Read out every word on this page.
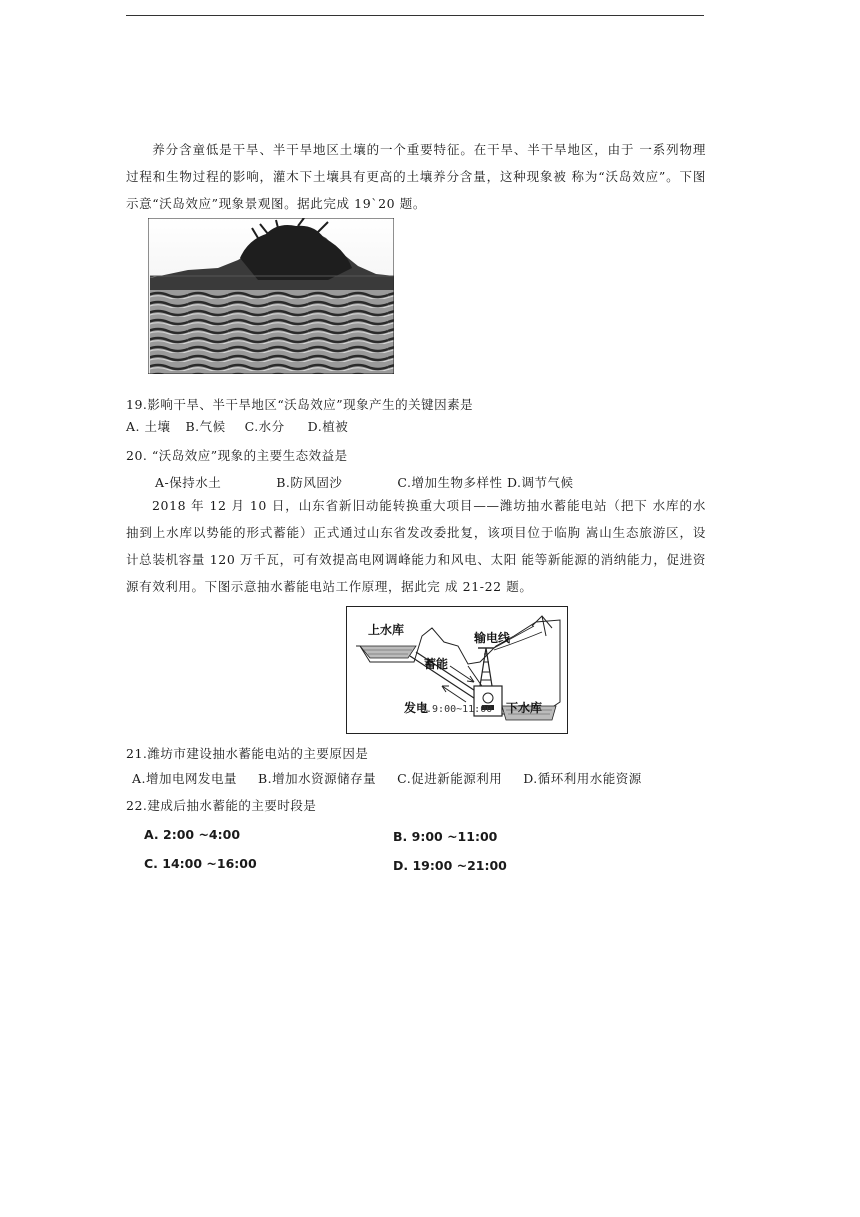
养分含童低是干旱、半干旱地区土壤的一个重要特征。在干旱、半干旱地区，由于 一系列物理过程和生物过程的影响，灌木下土壤具有更高的土壤养分含量，这种现象被 称为“沃岛效应”。下图示意“沃岛效应”现象景观图。据此完成 19`20 题。
19.影响干旱、半干旱地区“沃岛效应”现象产生的关键因素是
A. 土壤 B.气候 C.水分 D.植被
20. “沃岛效应”现象的主要生态效益是
A-保持水土	B.防风固沙	C.增加生物多样性 D.调节气候
2018 年 12 月 10 日，山东省新旧动能转换重大项目——潍坊抽水蓄能电站（把下 水库的水抽到上水库以势能的形式蓄能）正式通过山东省发改委批复，该项目位于临朐 嵩山生态旅游区，设计总装机容量 120 万千瓦，可有效提高电网调峰能力和风电、太阳 能等新能源的消纳能力，促进资源有效利用。下图示意抽水蓄能电站工作原理，据此完 成 21-22 题。
上水库
输电线
蓄能
发电	下水库
B.9:00~11:00
21.潍坊市建设抽水蓄能电站的主要原因是
A.增加电网发电量 B.增加水资源储存量 C.促进新能源利用 D.循环利用水能资源
22.建成后抽水蓄能的主要时段是
A. 2:00 ~4:00	B. 9:00 ~11:00
C. 14:00 ~16:00	D. 19:00 ~21:00
